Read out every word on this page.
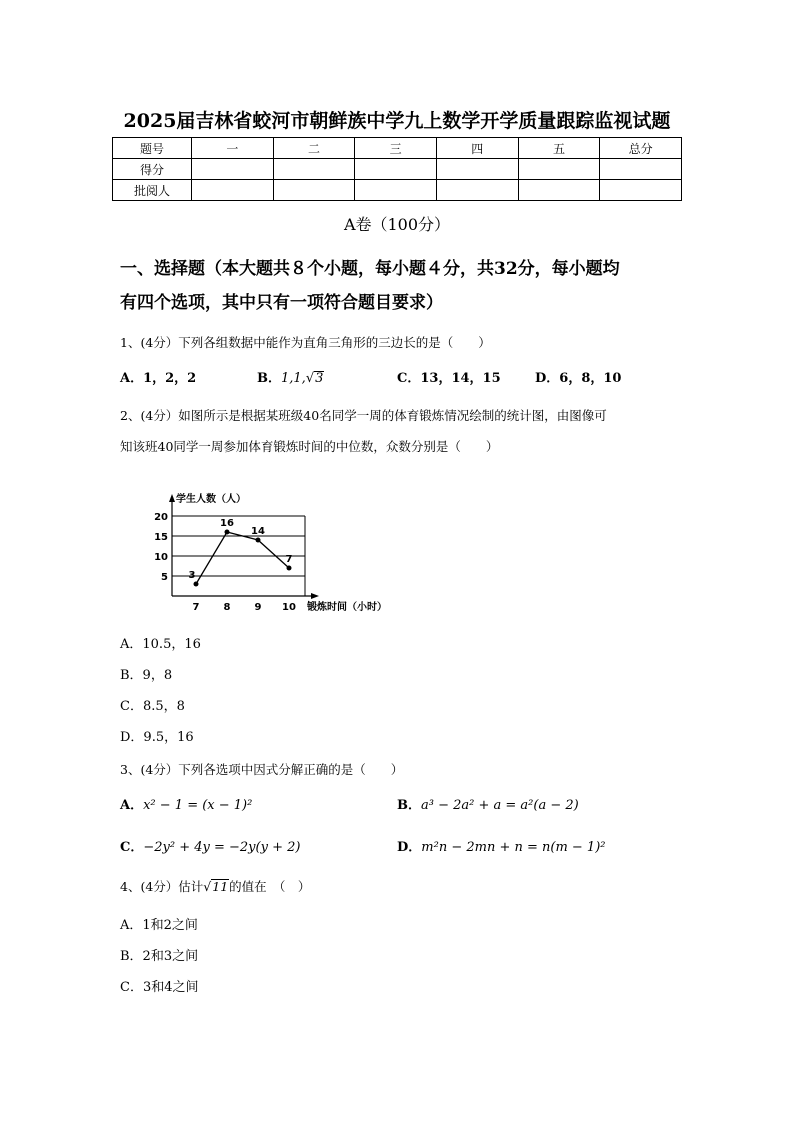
2025届吉林省蛟河市朝鲜族中学九上数学开学质量跟踪监视试题
题号	一	二	三	四	五	总分
得分						
批阅人						
A卷（100分）
一、选择题（本大题共８个小题，每小题４分，共32分，每小题均
有四个选项，其中只有一项符合题目要求）
1、(4分）下列各组数据中能作为直角三角形的三边长的是（　　）
A．1，2，2	B．1,1,√3	C．13，14，15	D．6，8，10
2、(4分）如图所示是根据某班级40名同学一周的体育锻炼情况绘制的统计图，由图像可
知该班40同学一周参加体育锻炼时间的中位数，众数分别是（　　）
5
10
15
20
7 8 9 10
3
16
14
7
学生人数（人）
锻炼时间（小时）
A．10.5，16
B．9，8
C．8.5，8
D．9.5，16
3、(4分）下列各选项中因式分解正确的是（　　）
A．x² − 1 = (x − 1)²	B．a³ − 2a² + a = a²(a − 2)
C．−2y² + 4y = −2y(y + 2)	D．m²n − 2mn + n = n(m − 1)²
4、(4分）估计√11的值在　（　）
A．1和2之间
B．2和3之间
C．3和4之间
